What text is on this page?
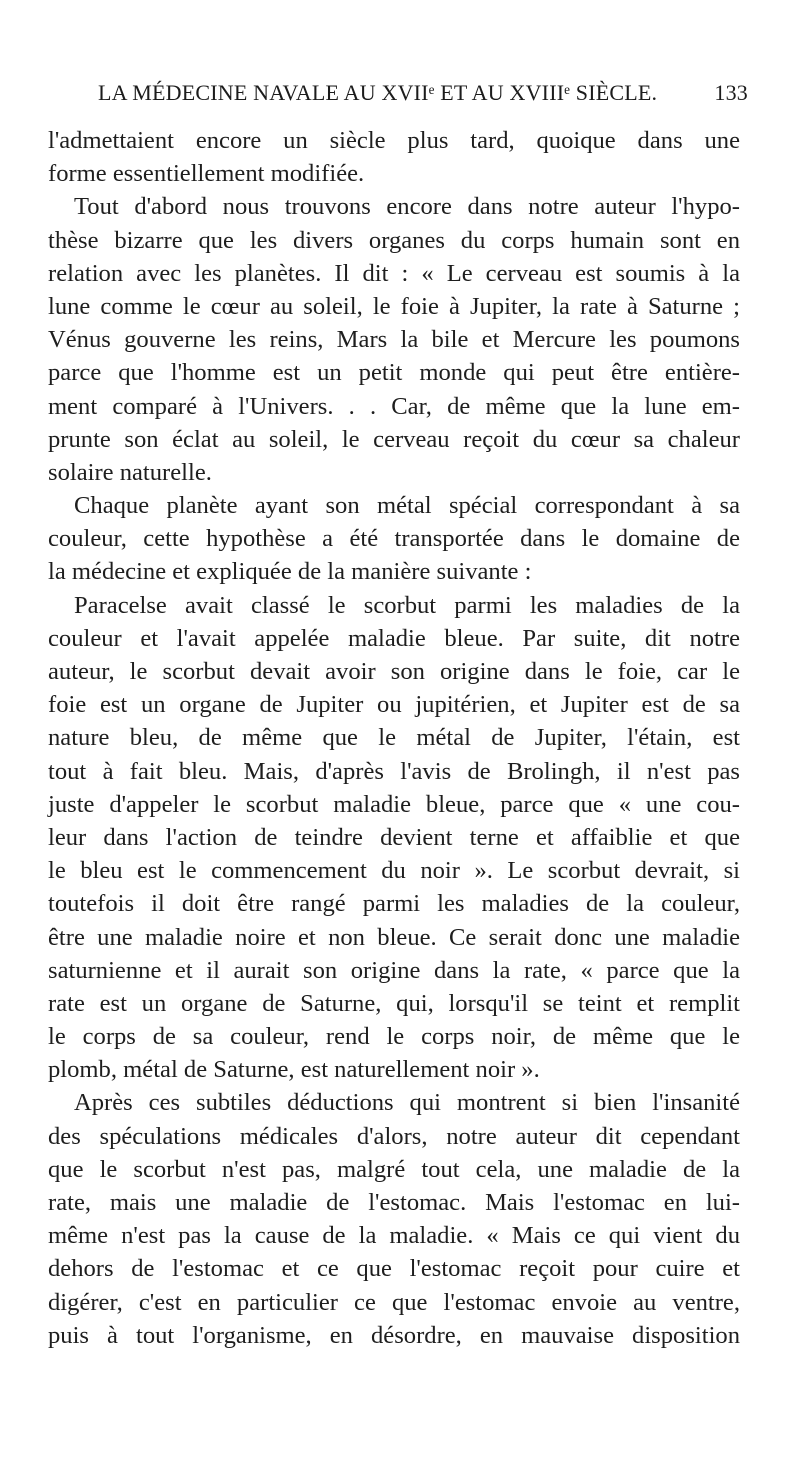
LA MÉDECINE NAVALE AU XVIIᵉ ET AU XVIIIᵉ SIÈCLE.	133
l'admettaient encore un siècle plus tard, quoique dans une
forme essentiellement modifiée.
Tout d'abord nous trouvons encore dans notre auteur l'hypo-
thèse bizarre que les divers organes du corps humain sont en
relation avec les planètes. Il dit : « Le cerveau est soumis à la
lune comme le cœur au soleil, le foie à Jupiter, la rate à Saturne ;
Vénus gouverne les reins, Mars la bile et Mercure les poumons
parce que l'homme est un petit monde qui peut être entière-
ment comparé à l'Univers. . . Car, de même que la lune em-
prunte son éclat au soleil, le cerveau reçoit du cœur sa chaleur
solaire naturelle.
Chaque planète ayant son métal spécial correspondant à sa
couleur, cette hypothèse a été transportée dans le domaine de
la médecine et expliquée de la manière suivante :
Paracelse avait classé le scorbut parmi les maladies de la
couleur et l'avait appelée maladie bleue. Par suite, dit notre
auteur, le scorbut devait avoir son origine dans le foie, car le
foie est un organe de Jupiter ou jupitérien, et Jupiter est de sa
nature bleu, de même que le métal de Jupiter, l'étain, est
tout à fait bleu. Mais, d'après l'avis de Brolingh, il n'est pas
juste d'appeler le scorbut maladie bleue, parce que « une cou-
leur dans l'action de teindre devient terne et affaiblie et que
le bleu est le commencement du noir ». Le scorbut devrait, si
toutefois il doit être rangé parmi les maladies de la couleur,
être une maladie noire et non bleue. Ce serait donc une maladie
saturnienne et il aurait son origine dans la rate, « parce que la
rate est un organe de Saturne, qui, lorsqu'il se teint et remplit
le corps de sa couleur, rend le corps noir, de même que le
plomb, métal de Saturne, est naturellement noir ».
Après ces subtiles déductions qui montrent si bien l'insanité
des spéculations médicales d'alors, notre auteur dit cependant
que le scorbut n'est pas, malgré tout cela, une maladie de la
rate, mais une maladie de l'estomac. Mais l'estomac en lui-
même n'est pas la cause de la maladie. « Mais ce qui vient du
dehors de l'estomac et ce que l'estomac reçoit pour cuire et
digérer, c'est en particulier ce que l'estomac envoie au ventre,
puis à tout l'organisme, en désordre, en mauvaise disposition
